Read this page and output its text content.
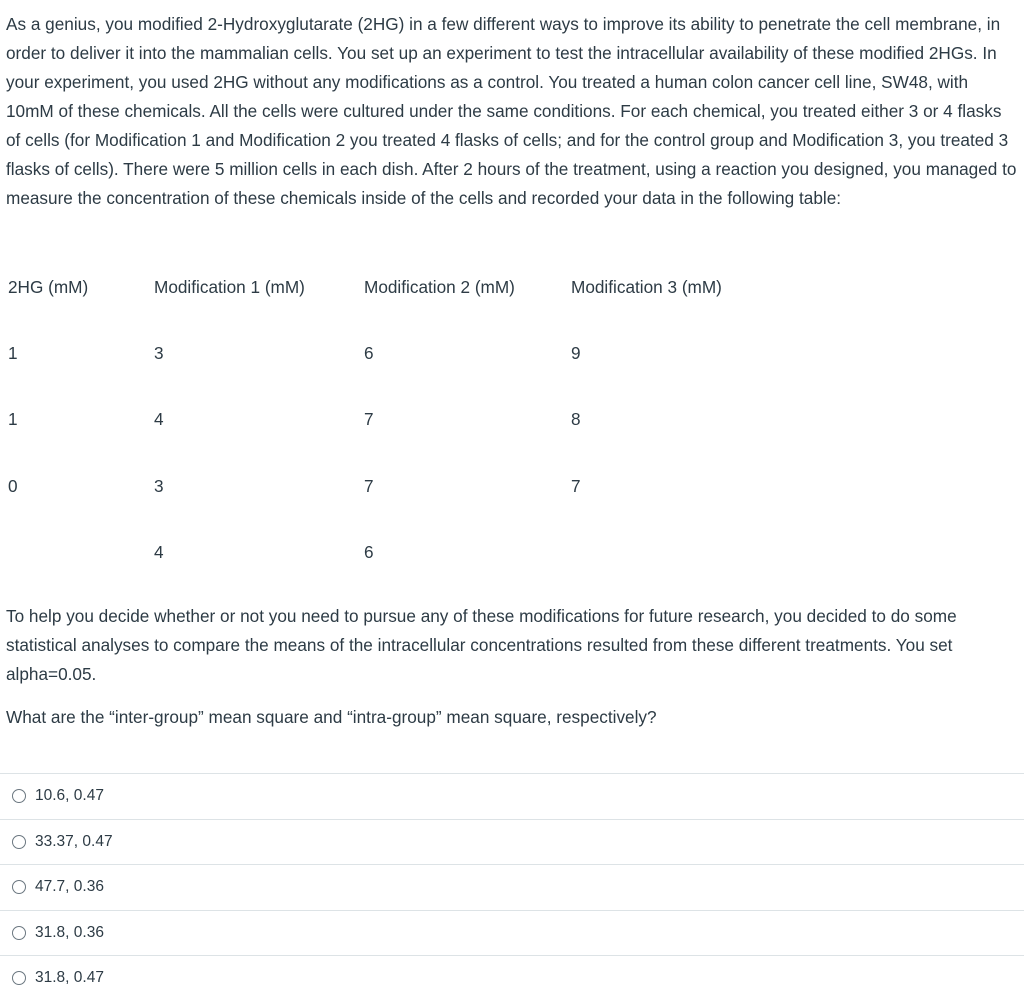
As a genius, you modified 2-Hydroxyglutarate (2HG) in a few different ways to improve its ability to penetrate the cell membrane, in order to deliver it into the mammalian cells. You set up an experiment to test the intracellular availability of these modified 2HGs. In your experiment, you used 2HG without any modifications as a control. You treated a human colon cancer cell line, SW48, with 10mM of these chemicals. All the cells were cultured under the same conditions. For each chemical, you treated either 3 or 4 flasks of cells (for Modification 1 and Modification 2 you treated 4 flasks of cells; and for the control group and Modification 3, you treated 3 flasks of cells). There were 5 million cells in each dish. After 2 hours of the treatment, using a reaction you designed, you managed to measure the concentration of these chemicals inside of the cells and recorded your data in the following table:

2HG (mM)	Modification 1 (mM)	Modification 2 (mM)	Modification 3 (mM)
1	3	6	9
1	4	7	8
0	3	7	7
	4	6	

To help you decide whether or not you need to pursue any of these modifications for future research, you decided to do some statistical analyses to compare the means of the intracellular concentrations resulted from these different treatments. You set alpha=0.05.

What are the “inter-group” mean square and “intra-group” mean square, respectively?

10.6, 0.47
33.37, 0.47
47.7, 0.36
31.8, 0.36
31.8, 0.47
